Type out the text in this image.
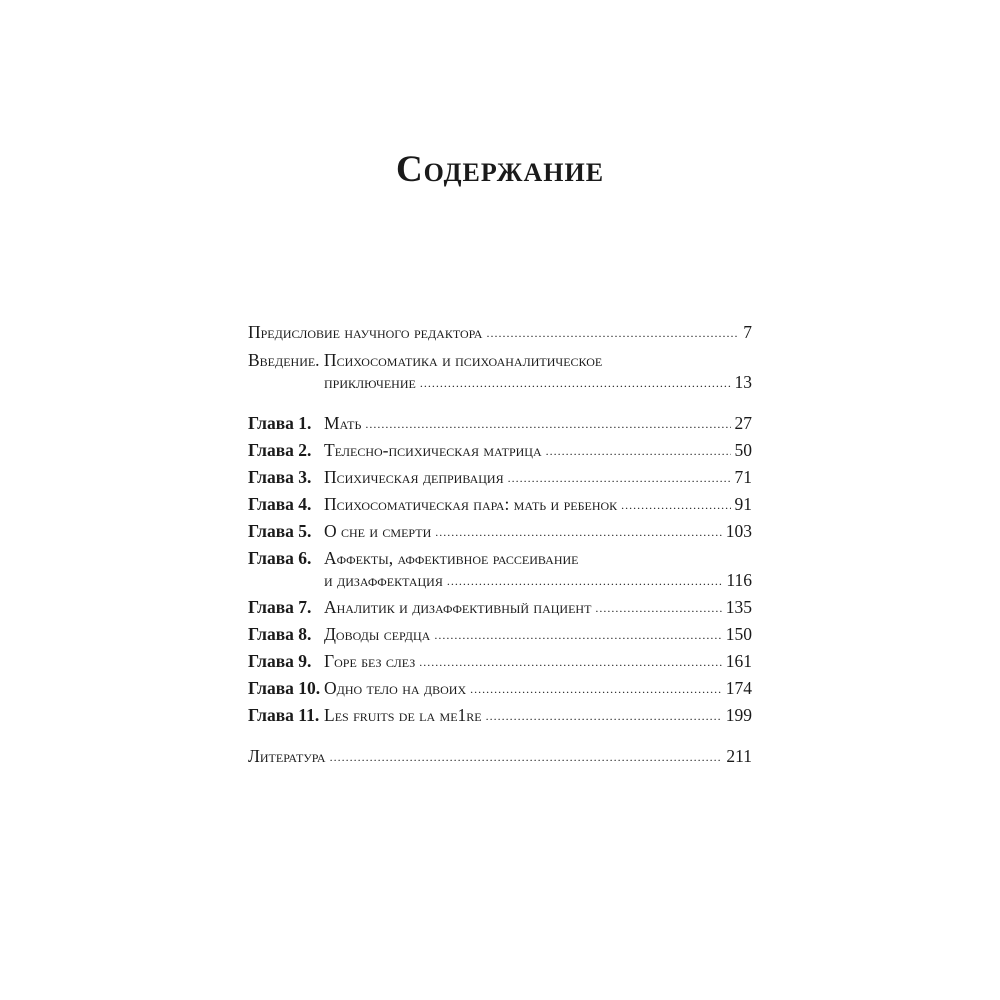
Содержание
Предисловие научного редактора .....	7
Введение. Психосоматика и психоаналитическое
приключение .....	13
Глава 1. Мать .....	27
Глава 2. Телесно-психическая матрица .....	50
Глава 3. Психическая депривация .....	71
Глава 4. Психосоматическая пара: мать и ребенок .....	91
Глава 5. О сне и смерти .....	103
Глава 6. Аффекты, аффективное рассеивание
и дизаффектация .....	116
Глава 7. Аналитик и дизаффективный пациент .....	135
Глава 8. Доводы сердца .....	150
Глава 9. Горе без слез .....	161
Глава 10. Одно тело на двоих .....	174
Глава 11. Les fruits de la me1re .....	199
Литература .....	211
